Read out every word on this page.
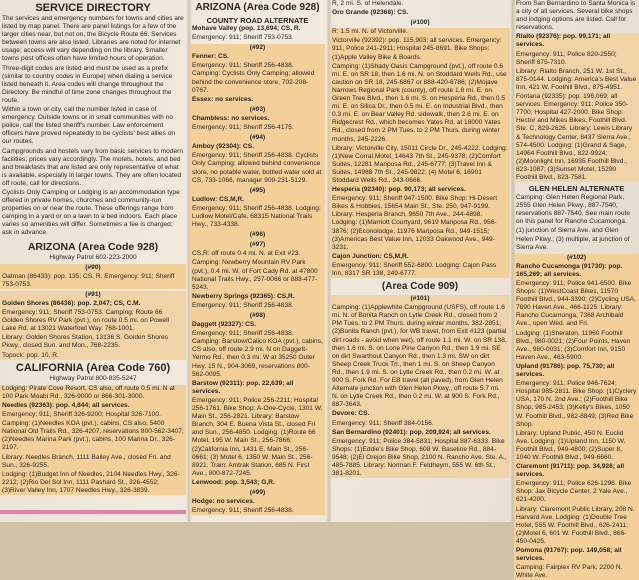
SERVICE DIRECTORY

The services and emergency numbers for towns and cities are listed by map panel. There are panel listings for a few of the larger cities near, but not on, the Bicycle Route 66. Services between towns are also listed. Libraries are noted for internet usage; access will vary depending on the library. Smaller towns post offices often have limited hours of operation.

Three-digit codes are listed and must be used as a prefix (similar to country codes in Europe) when dialing a service listed beneath it. Area codes will change throughout the Directory. Be mindful of time zone changes throughout the route.

Within a town or city, call the number listed in case of emergency. Outside towns or in small communities with no police, call the listed sheriff's number. Law enforcement officers have proved repeatedly to be cyclists' best allies on our routes.

Campgrounds and hostels vary from basic services to modern facilities; prices vary accordingly. The motels, hotels, and bed and breakfasts that are listed are only representative of what is available, especially in larger towns. They are often located off route, call for directions.

Cyclists Only Camping or Lodging is an accommodation type offered in private homes, churches and community-run properties on or near the route. These offerings range from camping in a yard or on a lawn to a bed indoors. Each place varies so amenities will differ. Sometimes a fee is charged; ask in advance.

ARIZONA (Area Code 928)
Highway Patrol 602-223-2000
(#90)

Oatman (86433): pop. 135; CS, R. Emergency: 911; Sheriff 753-0753.

(#91)

Golden Shores (86436): pop. 2,047; CS, C.M.

Emergency: 911; Sheriff 753-0753. Camping: Route 66 Golden Shores RV Park (pvt.), on route 0.5 mi. on Powell Lake Rd. at 13021 Waterfowl Way. 768-1001.

Library: Golden Shores Station, 13136 S. Golden Shores Pkwy., closed Sun. and Mon., 768-2235.

Topock: pop. 10, R.

CALIFORNIA (Area Code 760)
Highway Patrol 800-835-5247

Lodging: Pirate Cove Resort, CS also, off route 0.5 mi. N at 100 Park Moabi Rd., 326-9000 or 866-301-3000.

Needles (92363): pop. 4,844; all services.

Emergency: 911; Sheriff 326-9200; Hospital 326-7100.

Camping: (1)Needles KOA (pvt.), cabins, CS also, 5400 National Old Trails Rd., 326-4207, reservations 800-562-3407; (2)Needles Marina Park (pvt.), cabins, 100 Marina Dr., 326-2197.

Library: Needles Branch, 1111 Bailey Ave., closed Fri. and Sun., 326-9255.

Lodging: (1)Budget Inn of Needles, 2104 Needles Hwy., 326-2212; (2)Rio Del Sol Inn, 1111 Pashard St., 326-4552; (3)River Valley Inn, 1707 Needles Hwy., 326-3839.

ARIZONA (Area Code 928)
COUNTY ROAD ALTERNATE

Mohave Valley (pop. 13,694; CS, R.

Emergency: 911; Sheriff 753-0753.

(#92)

Fenner: CS.

Emergency: 911; Sheriff 256-4838. Camping: Cyclists Only Camping; allowed behind the convenience store, 702-208-0767.

Essex: no services.

(#93)

Chambless: no services.

Emergency: 911; Sheriff 256-4175.

(#94)

Amboy (92304): CS.

Emergency: 911; Sheriff 256-4838. Cyclists Only Camping: allowed behind convenience store, no potable water, bottled water sold at CS, 733-1066, manager 909-231-5129.

(#95)

Ludlow: CS,M,R.

Emergency: 911; Sheriff 256-4838. Lodging: Ludlow Motel/Cafe, 68315 National Trails Hwy., 733-4338.

(#96)
(#97)

CS,R: off route 0.4 mi. N. at Exit #23.

Camping: Newberry Mountain RV Park (pvt.), 0.4 mi. W. of Fort Cady Rd. at 47800 National Trails Hwy., 257-0066 or 888-477-5243.

Newberry Springs (92365): CS,R.

Emergency: 911; Sheriff 256-4838.

(#98)

Daggett (92327): CS.

Emergency: 911; Sheriff 256-4838. Camping: Barstow/Calico KOA (pvt.), cabins, CS also, off route 2.9 mi. N on Daggett-Yermo Rd., then 0.3 mi. W at 35250 Outer Hwy. 15 N., 904-3069, reservations 800-562-0095.

Barstow (92311): pop. 22,639; all services.

Emergency: 911; Police 256-2211; Hospital 256-1761. Bike Shop: A-One-Cycle, 1301 W. Main St., 256-2821. Library: Barstow Branch, 304 E. Buena Vista St., closed Fri and Sun., 256-4850. Lodging: (1)Route 66 Motel, 195 W. Main St., 256-7866; (2)California Inn, 1431 E. Main St., 256-0661; (3) Motel 6, 1350 W. Main St., 256-8921. Train: Amtrak Station, 685 N. First Ave., 800-872-7245.

Lenwood: pop. 3,543; G,R.

(#99)

Hodge: no services.

Emergency: 911; Sheriff 256-4838.

R, 2 mi. S. of Helendale.

Oro Grande (92368): CS.

(#100)

R: 1.5 mi. N. of Victorville.

Victorville (92392): pop. 115,903; all services. Emergency: 911; Police 241-2911; Hospital 245-8691. Bike Shops: (1)Apple Valley Bike & Boards.

Camping: (1)Shady Oasis Campground (pvt.), off route 0.6 mi. E. on SR 18, then 1.6 mi. N. on Stoddard Wells Rd., use caution on SR 18, 245-6867 or 888-420-6786; (2)Mojave Narrows Regional Park (county), off route 1.8 mi. E. on Green Tree Blvd., then 1.6 mi. S. on Hesperia Rd., then 0.5 mi. E. on Silica Dr., then 0.5 mi. E. on Industrial Blvd., then 0.3 mi. E. on Bear Valley Rd. sidewalk, then 2.6 mi. E. on Ridgecrest Rd., which becomes Yates Rd. at 18000 Yates Rd., closed from 2 PM Tues. to 2 PM Thurs. during winter months, 245-2226.

Library: Victorville City, 15011 Circle Dr., 245-4222. Lodging: (1)New Corral Motel, 14643 7th St., 245-9378; (2)Comfort Suites, 12281 Mariposa Rd., 245-6777; (3)Travel Inn & Suites, 14988 7th St., 245-9822; (4) Motel 6, 16901 Stoddard Wells Rd., 243-0666.

Hesperia (92340): pop. 90,173; all services.

Emergency: 911; Sheriff 947-1500. Bike Shop: Hi-Desert Bikes & Hobbies, 15654 Main St., Ste. 250, 947-9199. Library: Hesperia Branch, 9650 7th Ave., 244-4898. Lodging: (1)Marriott Courtyard, 9619 Mariposa Rd., 956-3876; (2)Econolodge, 11976 Mariposa Rd., 949-1515; (3)Americas Best Value Inn, 12033 Oakwood Ave., 949-3231.

Cajon Junction: CS,M,R.

Emergency: 911; Sheriff 552-6800. Lodging: Cajon Pass Inn, 8317 SR 138, 249-6777.

(Area Code 909)
(#101)

Camping: (1)Applewhite Campground (USFS), off route 1.6 mi. N. of Bonita Ranch on Lytle Creek Rd., closed from 2 PM Tues. to 2 PM Thurs. during winter months, 382-2851; (2)Bonita Ranch (pvt.), for WB travel, from Exit #123 (partial dirt roads - avoid when wet), off route 1.1 mi. W. on SR 138, then 1.6 mi. S. on Lone Pine Canyon Rd., then 1.9 mi. SE on dirt Swarthout Canyon Rd., then 1.3 mi. SW on dirt Sheep Creek Truck Trl., then 1 mi. S. on Sheep Canyon Rd., then 1.9 mi. S. on Lytle Creek Rd., then 0.2 mi. W. at 900 S. Fork Rd. For EB travel (all paved), from Glen Helen Alternate junction with Glen Helen Pkwy., off route 5.7 mi. N. on Lytle Creek Rd., then 0.2 mi. W. at 900 S. Fork Rd., 887-3643.

Devore: CS.

Emergency: 911; Sheriff 384-0156.

San Bernardino (92401): pop. 209,924; all services.

Emergency: 911; Police 384-5831; Hospital 887-6333. Bike Shops: (1)Eddie's Bike Shop, 608 W. Baseline Rd., 884-9548; (2)El Orejon Bike Shop, 2100 N. Rancho Ave. Ste. A., 485-7885. Library: Norman F. Feldheym, 555 W. 6th St., 381-8201.

From San Bernardino to Santa Monica is a city of all services. Several bike shops and lodging options are listed. Call for reservations.

Rialto (92376): pop. 99,171; all services.

Emergency: 911; Police 820-2550; Sheriff 875-7310.

Library: Rialto Branch, 251 W. 1st St., 875-0144. Lodging: America's Best Value Inn, 421 W. Foothill Blvd., 875-4951.

Fontana (92335): pop. 196,069; all services. Emergency: 911; Police 350-7700; Hospital 427-2000. Bike Shop: Hector and Mikes Bikes, Foothill Blvd. Ste. C, 829-2626. Library: Lewis Library & Technology Center, 8437 Sierra Ave., 574-4500. Lodging: (1)Grand & Sage, 14964 Foothill Blvd., 822-9924; (2)Moonlight Inn, 16935 Foothill Blvd., 823-1087; (3)Sunset Motel, 15290 Foothill Blvd., 823-7581.

GLEN HELEN ALTERNATE

Camping: Glen Helen Regional Park, 2555 Glen Helen Pkwy., 887-7540, reservations 887-7540. See main route on this panel for Rancho Cucamonga.

(1) junction of Sierra Ave. and Glen Helen Pkwy.; (3) multiple, at junction of Sierra Ave.

(#102)

Rancho Cucamonga (91730): pop. 165,269; all services.

Emergency: 911; Police 941-6500. Bike Shops: (1)WestCoast Bikes, 11570 Foothill Blvd., 944-3390; (2)Cycling USA, 7890 Haven Ave., 466-1125. Library: Rancho Cucamonga, 7368 Archibald Ave., open Wed. and Fri.

Lodging: (1)Sheraton, 11960 Foothill Blvd., 980-0021; (2)Four Points, Haven Ave., 980-0031; (3)Comfort Inn, 9150 Haven Ave., 463-5900.

Upland (91786): pop. 75,730; all services.

Emergency: 911; Police 946-7624; Hospital 985-2811. Bike Shop: (1)Cyclery USA, 170 N. 2nd Ave.; (2)Foothill Bike Shop, 985-2453; (3)Kelly's Bikes, 1050 W. Foothill Blvd., 982-8849; (3)Red Bike Shop.

Library: Upland Public, 450 N. Euclid Ave. Lodging: (1)Upland Inn, 1150 W. Foothill Blvd., 949-4800; (2)Super 8, 1040 W. Foothill Blvd., 949-6660.

Claremont (91711): pop. 34,926; all services.

Emergency: 911; Police 626-1296. Bike Shop: Jax Bicycle Center, 2 Yale Ave., 621-4200.

Library: Claremont Public Library, 208 N. Harvard Ave. Lodging: (1)Double Tree Hotel, 555 W. Foothill Blvd., 626-2411; (2)Motel 6, 601 W. Foothill Blvd., 866-450-0425.

Pomona (91767): pop. 149,058; all services.

Camping: Fairplex RV Park, 2200 N. White Ave.
